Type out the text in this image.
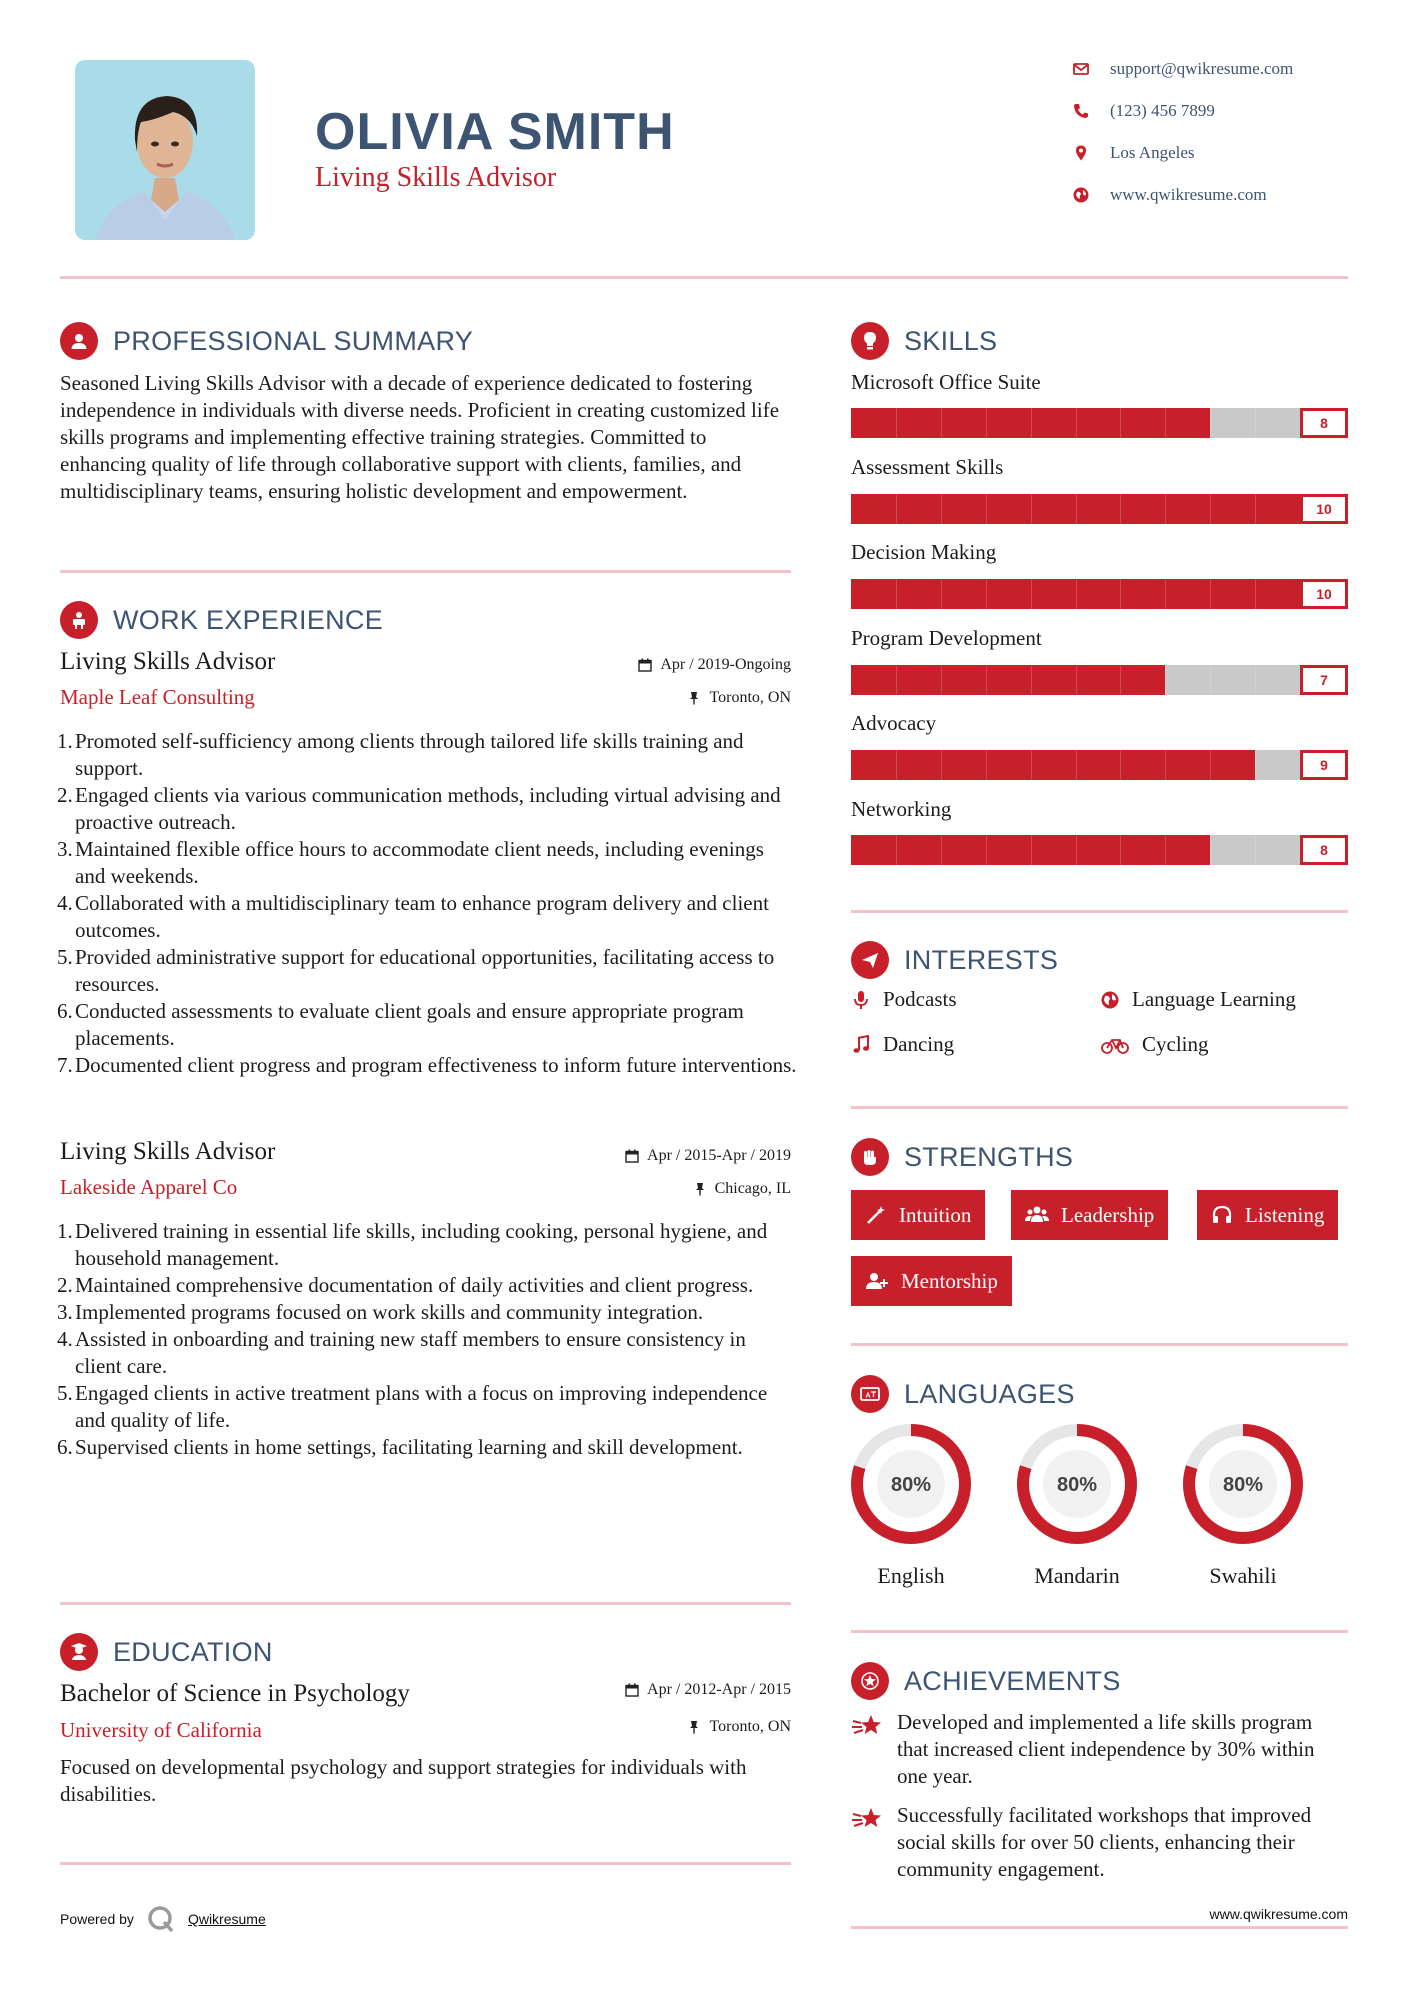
OLIVIA SMITH
Living Skills Advisor
support@qwikresume.com
(123) 456 7899
Los Angeles
www.qwikresume.com
PROFESSIONAL SUMMARY

Seasoned Living Skills Advisor with a decade of experience dedicated to fostering independence in individuals with diverse needs. Proficient in creating customized life skills programs and implementing effective training strategies. Committed to enhancing quality of life through collaborative support with clients, families, and multidisciplinary teams, ensuring holistic development and empowerment.

WORK EXPERIENCE
Living Skills Advisor
Maple Leaf Consulting
Apr / 2019-Ongoing
Toronto, ON
1. Promoted self-sufficiency among clients through tailored life skills training and support.
2. Engaged clients via various communication methods, including virtual advising and proactive outreach.
3. Maintained flexible office hours to accommodate client needs, including evenings and weekends.
4. Collaborated with a multidisciplinary team to enhance program delivery and client outcomes.
5. Provided administrative support for educational opportunities, facilitating access to resources.
6. Conducted assessments to evaluate client goals and ensure appropriate program placements.
7. Documented client progress and program effectiveness to inform future interventions.
Living Skills Advisor
Lakeside Apparel Co
Apr / 2015-Apr / 2019
Chicago, IL
1. Delivered training in essential life skills, including cooking, personal hygiene, and household management.
2. Maintained comprehensive documentation of daily activities and client progress.
3. Implemented programs focused on work skills and community integration.
4. Assisted in onboarding and training new staff members to ensure consistency in client care.
5. Engaged clients in active treatment plans with a focus on improving independence and quality of life.
6. Supervised clients in home settings, facilitating learning and skill development.
EDUCATION
Bachelor of Science in Psychology
University of California
Apr / 2012-Apr / 2015
Toronto, ON

Focused on developmental psychology and support strategies for individuals with disabilities.

SKILLS
Microsoft Office Suite
8
Assessment Skills
10
Decision Making
10
Program Development
7
Advocacy
9
Networking
8
INTERESTS
Podcasts	Language Learning
Dancing	Cycling
STRENGTHS
Intuition	Leadership	Listening
Mentorship
A LANGUAGES
80%
English
80%
Mandarin
80%
Swahili
ACHIEVEMENTS

Developed and implemented a life skills program that increased client independence by 30% within one year.

Successfully facilitated workshops that improved social skills for over 50 clients, enhancing their community engagement.

Powered by	Qwikresume	www.qwikresume.com
